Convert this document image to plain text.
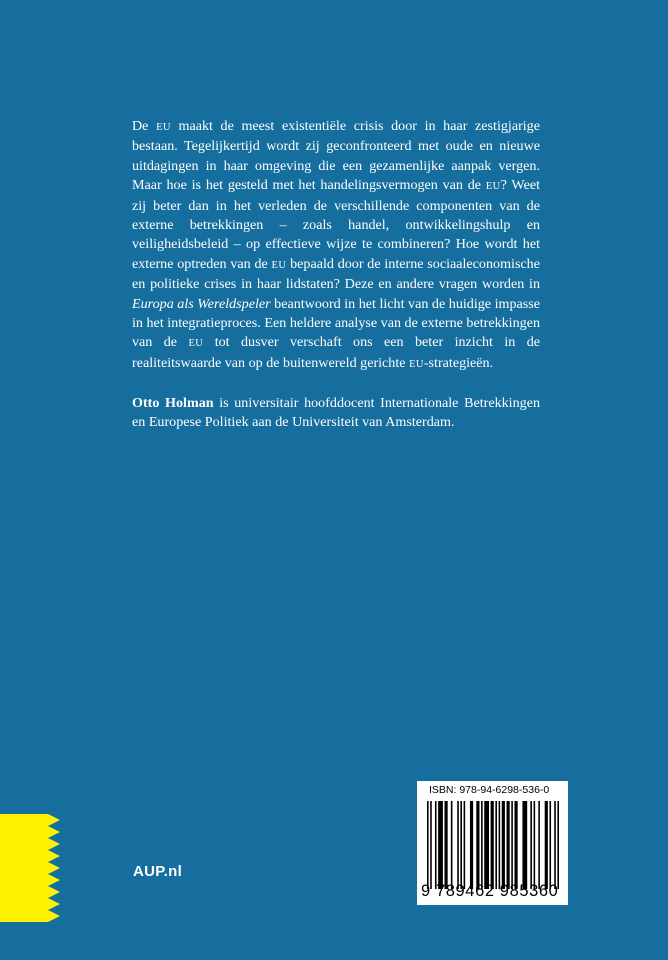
De EU maakt de meest existentiële crisis door in haar zestigjarige bestaan. Tegelijkertijd wordt zij geconfronteerd met oude en nieuwe uitdagingen in haar omgeving die een gezamenlijke aanpak vergen. Maar hoe is het gesteld met het handelingsvermogen van de EU? Weet zij beter dan in het verleden de verschillende componenten van de externe betrekkingen – zoals handel, ontwikkelingshulp en veiligheidsbeleid – op effectieve wijze te combineren? Hoe wordt het externe optreden van de EU bepaald door de interne sociaaleconomische en politieke crises in haar lidstaten? Deze en andere vragen worden in Europa als Wereldspeler beantwoord in het licht van de huidige impasse in het integratieproces. Een heldere analyse van de externe betrekkingen van de EU tot dusver verschaft ons een beter inzicht in de realiteitswaarde van op de buitenwereld gerichte EU-strategieën.

Otto Holman is universitair hoofddocent Internationale Betrekkingen en Europese Politiek aan de Universiteit van Amsterdam.

AUP.nl
ISBN: 978-94-6298-536-0
9 789462 985360
